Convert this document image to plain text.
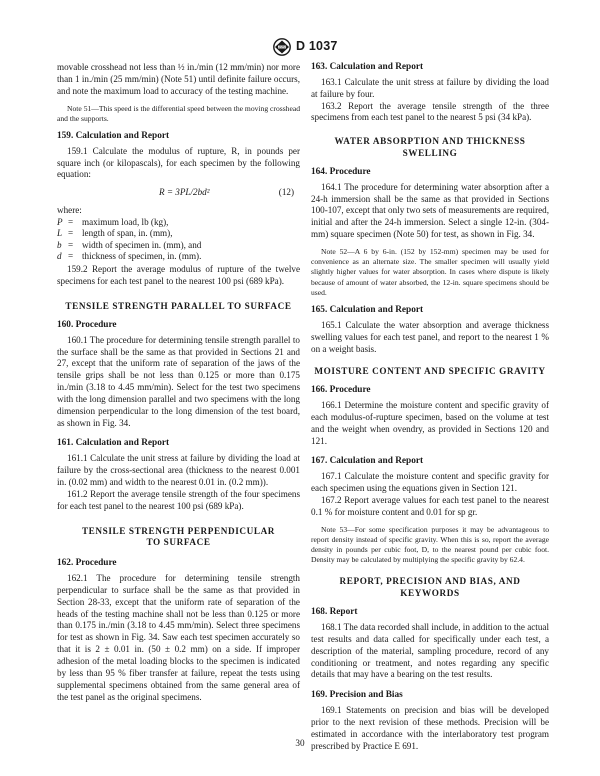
ASTM D 1037

movable crosshead not less than ½ in./min (12 mm/min) nor more than 1 in./min (25 mm/min) (Note 51) until definite failure occurs, and note the maximum load to accuracy of the testing machine.

Note 51—This speed is the differential speed between the moving crosshead and the supports.

159. Calculation and Report

159.1 Calculate the modulus of rupture, R, in pounds per square inch (or kilopascals), for each specimen by the following equation:

R = 3PL/2bd²	(12)
where:
P = maximum load, lb (kg),
L = length of span, in. (mm),
b = width of specimen in. (mm), and
d = thickness of specimen, in. (mm).

159.2 Report the average modulus of rupture of the twelve specimens for each test panel to the nearest 100 psi (689 kPa).

TENSILE STRENGTH PARALLEL TO SURFACE
160. Procedure

160.1 The procedure for determining tensile strength parallel to the surface shall be the same as that provided in Sections 21 and 27, except that the uniform rate of separation of the jaws of the tensile grips shall be not less than 0.125 or more than 0.175 in./min (3.18 to 4.45 mm/min). Select for the test two specimens with the long dimension parallel and two specimens with the long dimension perpendicular to the long dimension of the test board, as shown in Fig. 34.

161. Calculation and Report

161.1 Calculate the unit stress at failure by dividing the load at failure by the cross-sectional area (thickness to the nearest 0.001 in. (0.02 mm) and width to the nearest 0.01 in. (0.2 mm)).

161.2 Report the average tensile strength of the four specimens for each test panel to the nearest 100 psi (689 kPa).

TENSILE STRENGTH PERPENDICULAR
TO SURFACE
162. Procedure

162.1 The procedure for determining tensile strength perpendicular to surface shall be the same as that provided in Section 28-33, except that the uniform rate of separation of the heads of the testing machine shall not be less than 0.125 or more than 0.175 in./min (3.18 to 4.45 mm/min). Select three specimens for test as shown in Fig. 34. Saw each test specimen accurately so that it is 2 ± 0.01 in. (50 ± 0.2 mm) on a side. If improper adhesion of the metal loading blocks to the specimen is indicated by less than 95 % fiber transfer at failure, repeat the tests using supplemental specimens obtained from the same general area of the test panel as the original specimens.

163. Calculation and Report

163.1 Calculate the unit stress at failure by dividing the load at failure by four.

163.2 Report the average tensile strength of the three specimens from each test panel to the nearest 5 psi (34 kPa).

WATER ABSORPTION AND THICKNESS
SWELLING
164. Procedure

164.1 The procedure for determining water absorption after a 24-h immersion shall be the same as that provided in Sections 100-107, except that only two sets of measurements are required, initial and after the 24-h immersion. Select a single 12-in. (304-mm) square specimen (Note 50) for test, as shown in Fig. 34.

Note 52—A 6 by 6-in. (152 by 152-mm) specimen may be used for convenience as an alternate size. The smaller specimen will usually yield slightly higher values for water absorption. In cases where dispute is likely because of amount of water absorbed, the 12-in. square specimens should be used.

165. Calculation and Report

165.1 Calculate the water absorption and average thickness swelling values for each test panel, and report to the nearest 1 % on a weight basis.

MOISTURE CONTENT AND SPECIFIC GRAVITY
166. Procedure

166.1 Determine the moisture content and specific gravity of each modulus-of-rupture specimen, based on the volume at test and the weight when ovendry, as provided in Sections 120 and 121.

167. Calculation and Report

167.1 Calculate the moisture content and specific gravity for each specimen using the equations given in Section 121.

167.2 Report average values for each test panel to the nearest 0.1 % for moisture content and 0.01 for sp gr.

Note 53—For some specification purposes it may be advantageous to report density instead of specific gravity. When this is so, report the average density in pounds per cubic foot, D, to the nearest pound per cubic foot. Density may be calculated by multiplying the specific gravity by 62.4.

REPORT, PRECISION AND BIAS, AND KEYWORDS
168. Report

168.1 The data recorded shall include, in addition to the actual test results and data called for specifically under each test, a description of the material, sampling procedure, record of any conditioning or treatment, and notes regarding any specific details that may have a bearing on the test results.

169. Precision and Bias

169.1 Statements on precision and bias will be developed prior to the next revision of these methods. Precision will be estimated in accordance with the interlaboratory test program prescribed by Practice E 691.

30
